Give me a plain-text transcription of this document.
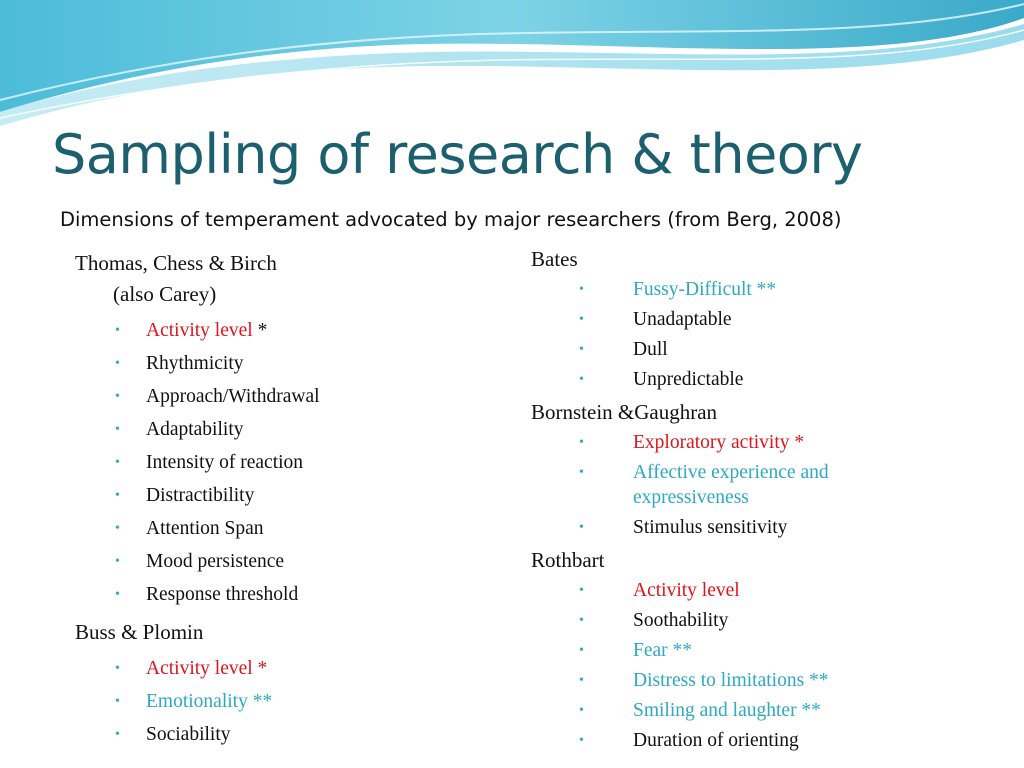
Sampling of research & theory
Dimensions of temperament advocated by major researchers (from Berg, 2008)
Thomas, Chess & Birch
(also Carey)
• Activity level *
• Rhythmicity
• Approach/Withdrawal
• Adaptability
• Intensity of reaction
• Distractibility
• Attention Span
• Mood persistence
• Response threshold
Buss & Plomin
• Activity level *
• Emotionality **
• Sociability
Bates
•	Fussy-Difficult **
•	Unadaptable
•	Dull
•	Unpredictable
Bornstein &Gaughran
•	Exploratory activity *
•	Affective experience and
expressiveness
•	Stimulus sensitivity
Rothbart
•	Activity level
•	Soothability
•	Fear **
•	Distress to limitations **
•	Smiling and laughter **
•	Duration of orienting
